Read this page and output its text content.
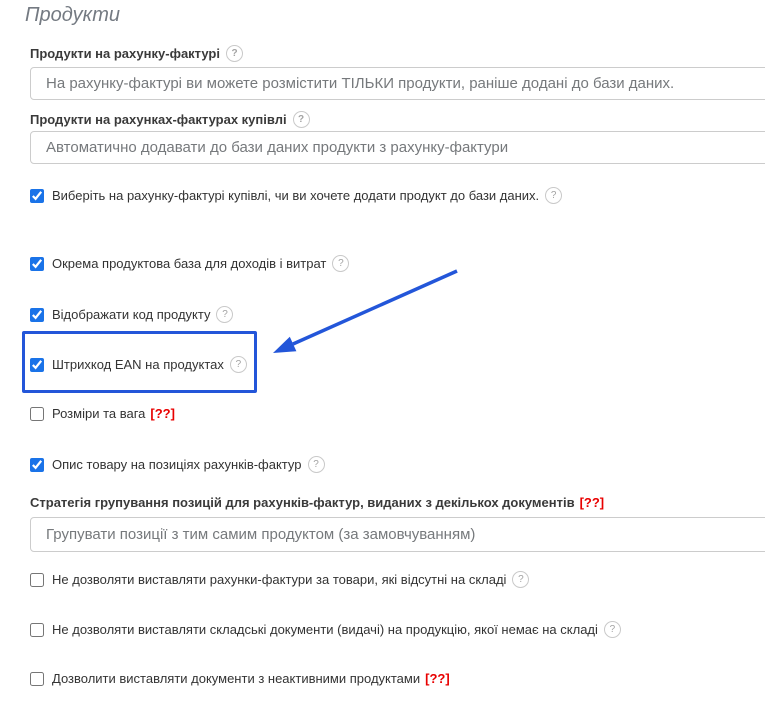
Продукти
Продукти на рахунку-фактурі	?
На рахунку-фактурі ви можете розмістити ТІЛЬКИ продукти, раніше додані до бази даних.
Продукти на рахунках-фактурах купівлі	?
Автоматично додавати до бази даних продукти з рахунку-фактури
Виберіть на рахунку-фактурі купівлі, чи ви хочете додати продукт до бази даних.	?
Окрема продуктова база для доходів і витрат	?
Відображати код продукту	?
Штрихкод EAN на продуктах	?
Розміри та вага [??]
Опис товару на позиціях рахунків-фактур	?
Стратегія групування позицій для рахунків-фактур, виданих з декількох документів [??]
Групувати позиції з тим самим продуктом (за замовчуванням)
Не дозволяти виставляти рахунки-фактури за товари, які відсутні на складі	?
Не дозволяти виставляти складські документи (видачі) на продукцію, якої немає на складі	?
Дозволити виставляти документи з неактивними продуктами [??]
